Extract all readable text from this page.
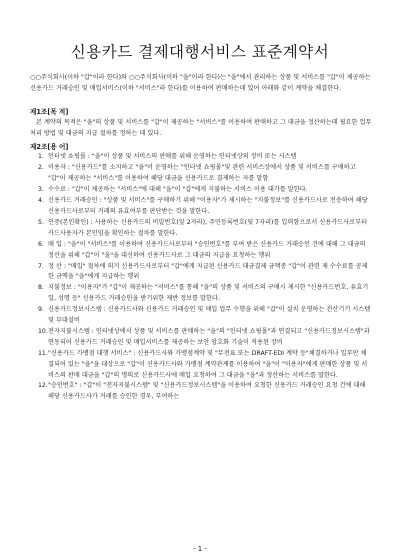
신용카드 결제대행서비스 표준계약서

○○주식회사(이하 "갑"이라 한다)와 ○○주식회사(이하 "을"이라 한다)는 "을"에서 관리하는 상품 및 서비스를 "갑"이 제공하는 신용카드 거래승인 및 매입서비스(이하 "서비스"라 한다)를 이용하여 판매하는데 있어 아래와 같이 계약을 체결한다.

제1조[목 적]

본 계약의 목적은 "을"의 상품 및 서비스를 "갑"이 제공하는 "서비스"를 이용하여 판매하고 그 대금을 정산하는데 필요한 업무처리 방법 및 대금의 지급 절차를 정하는 데 있다.

제2조[용 어]
1. 인터넷 쇼핑몰 : "을"이 상품 및 서비스의 판매를 위해 운영하는 인터넷상의 장비 또는 시스템
2. 이용자 : "신용카드"를 소지하고 "을"이 운영하는 "인터넷 쇼핑몰"및 관련 서비스상에서 상품 및 서비스를 구매하고 "갑"이 제공하는 "서비스"를 이용하여 해당 대금을 신용카드로 결제하는 자를 말함
3. 수수료 : "갑"이 제공하는 "서비스"에 대해 "을"이 "갑"에게 지불하는 서비스 이용 대가를 말한다.
4. 신용카드 거래승인 : "상품 및 서비스"를 구매하기 위해 "이용자"가 제시하는 "지불정보"를 신용카드사로 전송하여 해당 신용카드사로부터 거래의 유효여부를 판단받는 것을 말한다.
5. 인증(본인확인) : 사용하는 신용카드의 비밀번호(앞 2자리), 주민등록번호(뒷 7자리)를 입력함으로서 신용카드사로부터 카드사용자가 본인임을 확인하는 절차를 말한다.
6. 매 입 : "을"이 "서비스"를 이용하여 신용카드사로부터 "승인번호"를 부여 받은 신용카드 거래승인 건에 대해 그 대금의 정산을 위해 "갑"이 "을"을 대신하여 신용카드사로 그 대금의 지급을 요청하는 행위
7. 정 산 : "매입" 절차에 의거 신용카드사로부터 "갑"에게 지급된 신용카드 대금결제 금액중 "갑"이 관련 제 수수료를 공제한 금액을 "을"에게 지급하는 행위
8. 지불정보 : "이용자"가 "갑"이 제공하는 "서비스"를 통해 "을"의 상품 및 서비스의 구매시 제시한 "신용카드번호, 유효기일, 성명 등" 신용카드 거래승인을 받기위한 제반 정보를 말한다.
9. 신용카드정보시스템 : 신용카드사와 신용카드 거래승인 및 매입 업무 수행을 위해 "갑"이 설치 운영하는 전산기기 시스템 및 부대설비
10. 전자지불시스템 : 인터넷상에서 상품 및 서비스를 판매하는 "을"의 "인터넷 쇼핑몰"과 연결되고 "신용카드정보시스템"과 연동되어 신용카드 거래승인 및 매입서비스를 제공하는 보안 암호화 기술이 적용된 장비
11. "신용카드 가맹점 대행 서비스" : 신용카드사와 가맹점계약 및 "무전표 또는 DRAFT-EDI 계약 등"체결하거나 일부만 체결되어 있는 "을"을 대상으로 "갑"이 신용카드사와 가맹점 계약관계를 이용하여 "을"이 "이용자"에게 판매한 상품 및 서비스의 판매 대금을 "갑"의 명의로 신용카드사에 매입 요청하여 그 대금을 "을"과 정산하는 서비스를 말한다.
12. "승인번호" : "갑"이 "전자지불시스템" 및 "신용카드정보시스템"을 이용하여 요청한 신용카드 거래승인 요청 건에 대해 해당 신용카드사가 거래를 승인한 경우, 부여하는
- 1 -
